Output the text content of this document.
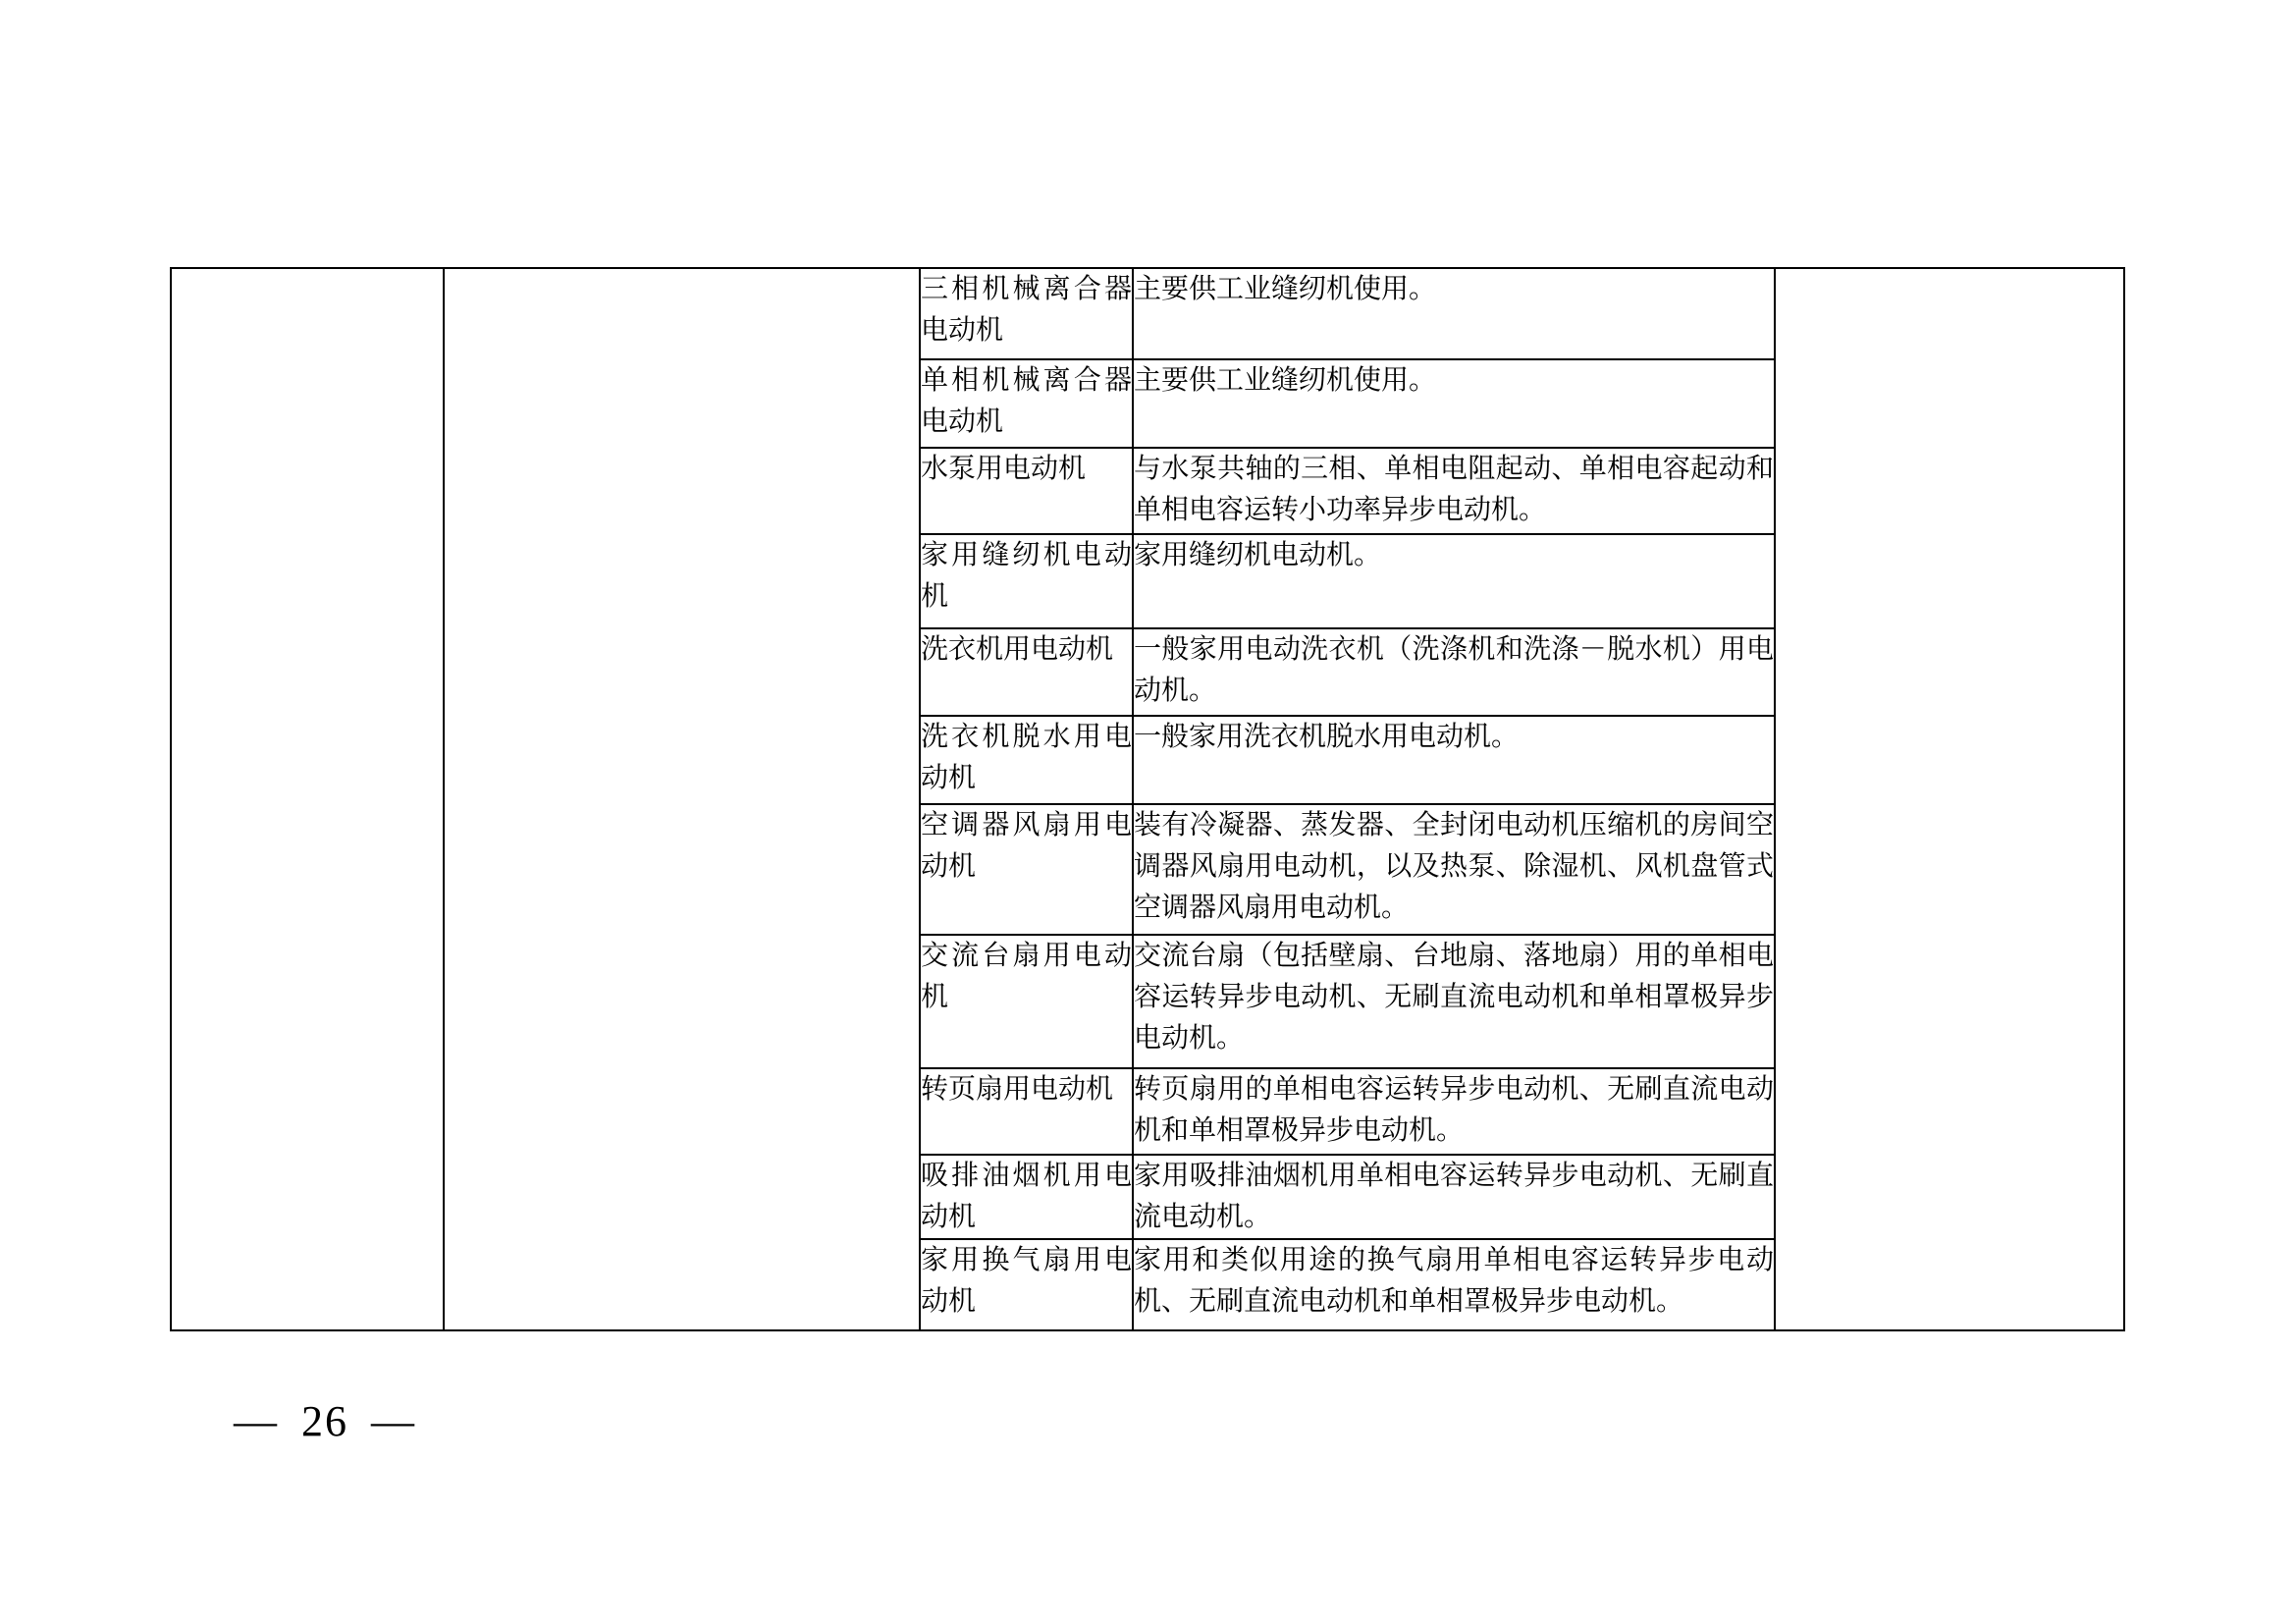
		三相机械离合器电动机	主要供工业缝纫机使用。	
		单相机械离合器电动机	主要供工业缝纫机使用。	
		水泵用电动机	与水泵共轴的三相、单相电阻起动、单相电容起动和单相电容运转小功率异步电动机。	
		家用缝纫机电动机	家用缝纫机电动机。	
		洗衣机用电动机	一般家用电动洗衣机（洗涤机和洗涤－脱水机）用电动机。	
		洗衣机脱水用电动机	一般家用洗衣机脱水用电动机。	
		空调器风扇用电动机	装有冷凝器、蒸发器、全封闭电动机压缩机的房间空调器风扇用电动机，以及热泵、除湿机、风机盘管式空调器风扇用电动机。	
		交流台扇用电动机	交流台扇（包括壁扇、台地扇、落地扇）用的单相电容运转异步电动机、无刷直流电动机和单相罩极异步电动机。	
		转页扇用电动机	转页扇用的单相电容运转异步电动机、无刷直流电动机和单相罩极异步电动机。	
		吸排油烟机用电动机	家用吸排油烟机用单相电容运转异步电动机、无刷直流电动机。	
		家用换气扇用电动机	家用和类似用途的换气扇用单相电容运转异步电动机、无刷直流电动机和单相罩极异步电动机。	
— 26 —
